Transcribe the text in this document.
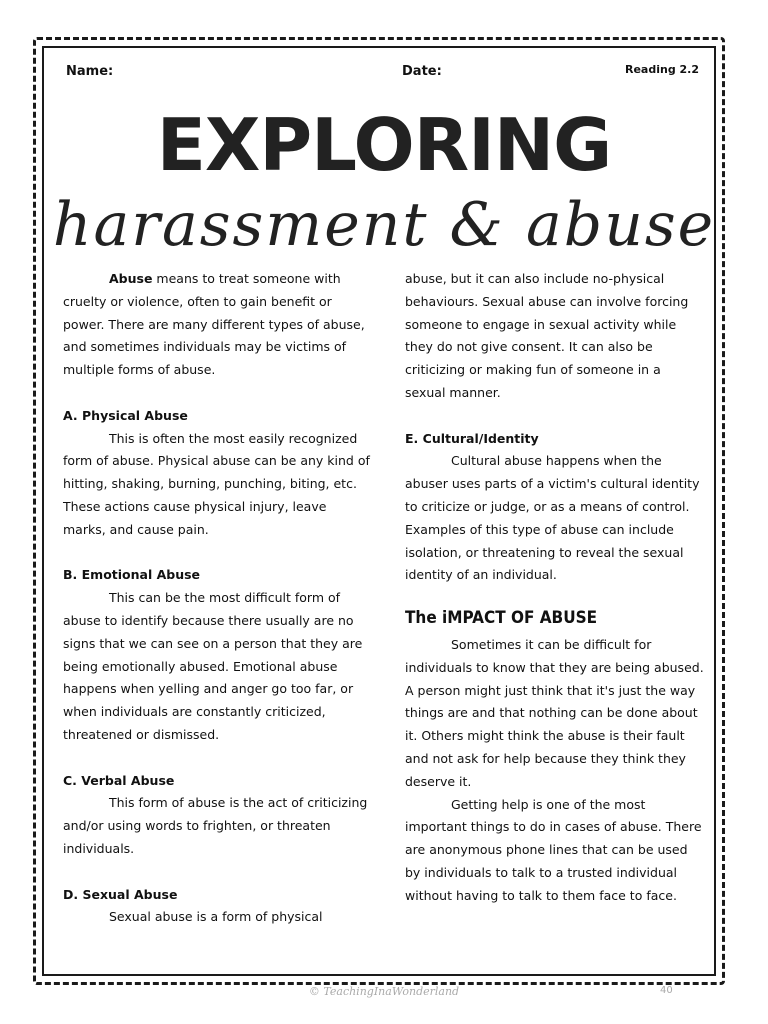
Name:	Date:	Reading 2.2
EXPLORING
harassment & abuse

Abuse means to treat someone with cruelty or violence, often to gain benefit or power. There are many different types of abuse, and sometimes individuals may be victims of multiple forms of abuse.

A. Physical Abuse

This is often the most easily recognized form of abuse. Physical abuse can be any kind of hitting, shaking, burning, punching, biting, etc. These actions cause physical injury, leave marks, and cause pain.

B. Emotional Abuse

This can be the most difficult form of abuse to identify because there usually are no signs that we can see on a person that they are being emotionally abused. Emotional abuse happens when yelling and anger go too far, or when individuals are constantly criticized, threatened or dismissed.

C. Verbal Abuse

This form of abuse is the act of criticizing and/or using words to frighten, or threaten individuals.

D. Sexual Abuse

Sexual abuse is a form of physical

abuse, but it can also include no-physical behaviours. Sexual abuse can involve forcing someone to engage in sexual activity while they do not give consent. It can also be criticizing or making fun of someone in a sexual manner.

E. Cultural/Identity

Cultural abuse happens when the abuser uses parts of a victim's cultural identity to criticize or judge, or as a means of control. Examples of this type of abuse can include isolation, or threatening to reveal the sexual identity of an individual.

The iMPACT OF ABUSE

Sometimes it can be difficult for individuals to know that they are being abused. A person might just think that it's just the way things are and that nothing can be done about it. Others might think the abuse is their fault and not ask for help because they think they deserve it.

Getting help is one of the most important things to do in cases of abuse. There are anonymous phone lines that can be used by individuals to talk to a trusted individual without having to talk to them face to face.

© TeachingInaWonderland	40
